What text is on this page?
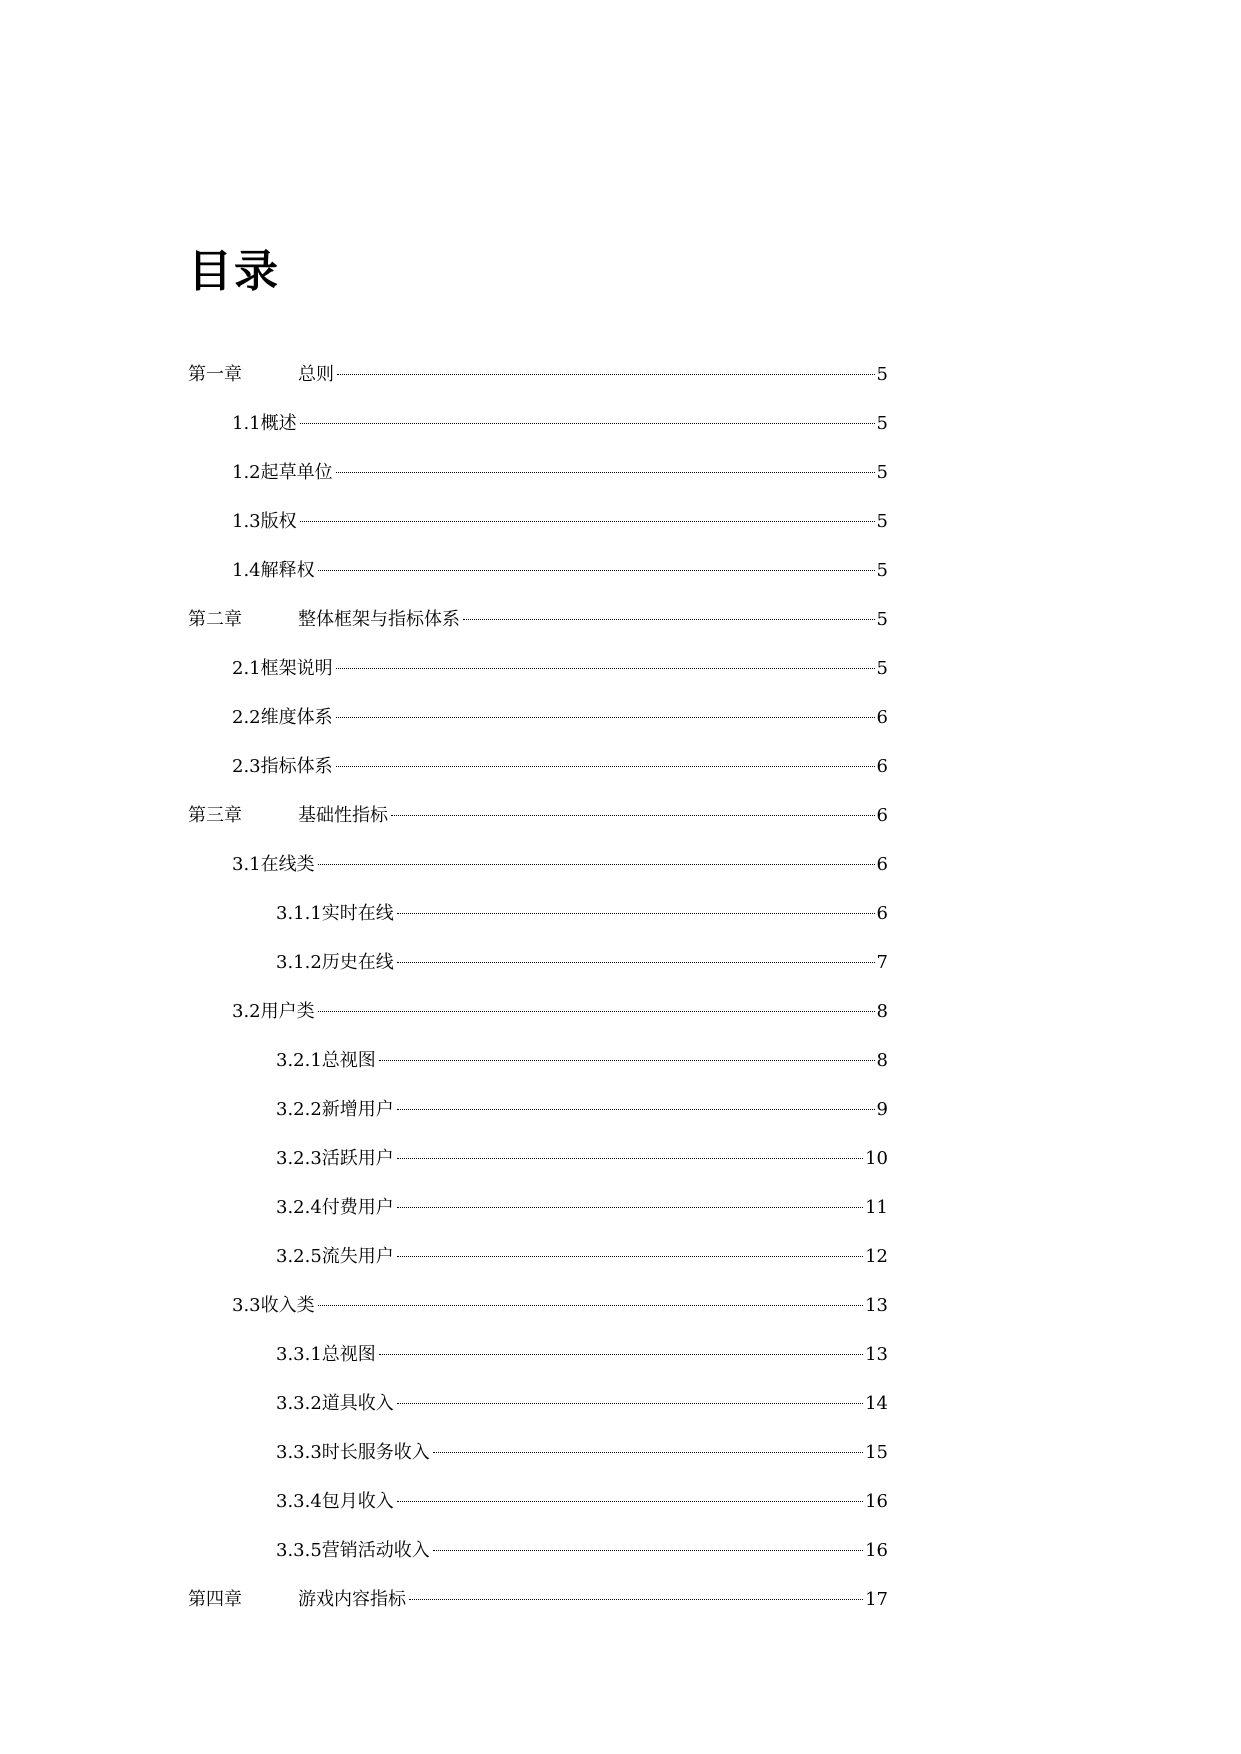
目录
第一章	总则	5
1.1概述	5
1.2起草单位	5
1.3版权	5
1.4解释权	5
第二章	整体框架与指标体系	5
2.1框架说明	5
2.2维度体系	6
2.3指标体系	6
第三章	基础性指标	6
3.1在线类	6
3.1.1实时在线	6
3.1.2历史在线	7
3.2用户类	8
3.2.1总视图	8
3.2.2新增用户	9
3.2.3活跃用户	10
3.2.4付费用户	11
3.2.5流失用户	12
3.3收入类	13
3.3.1总视图	13
3.3.2道具收入	14
3.3.3时长服务收入	15
3.3.4包月收入	16
3.3.5营销活动收入	16
第四章	游戏内容指标	17
